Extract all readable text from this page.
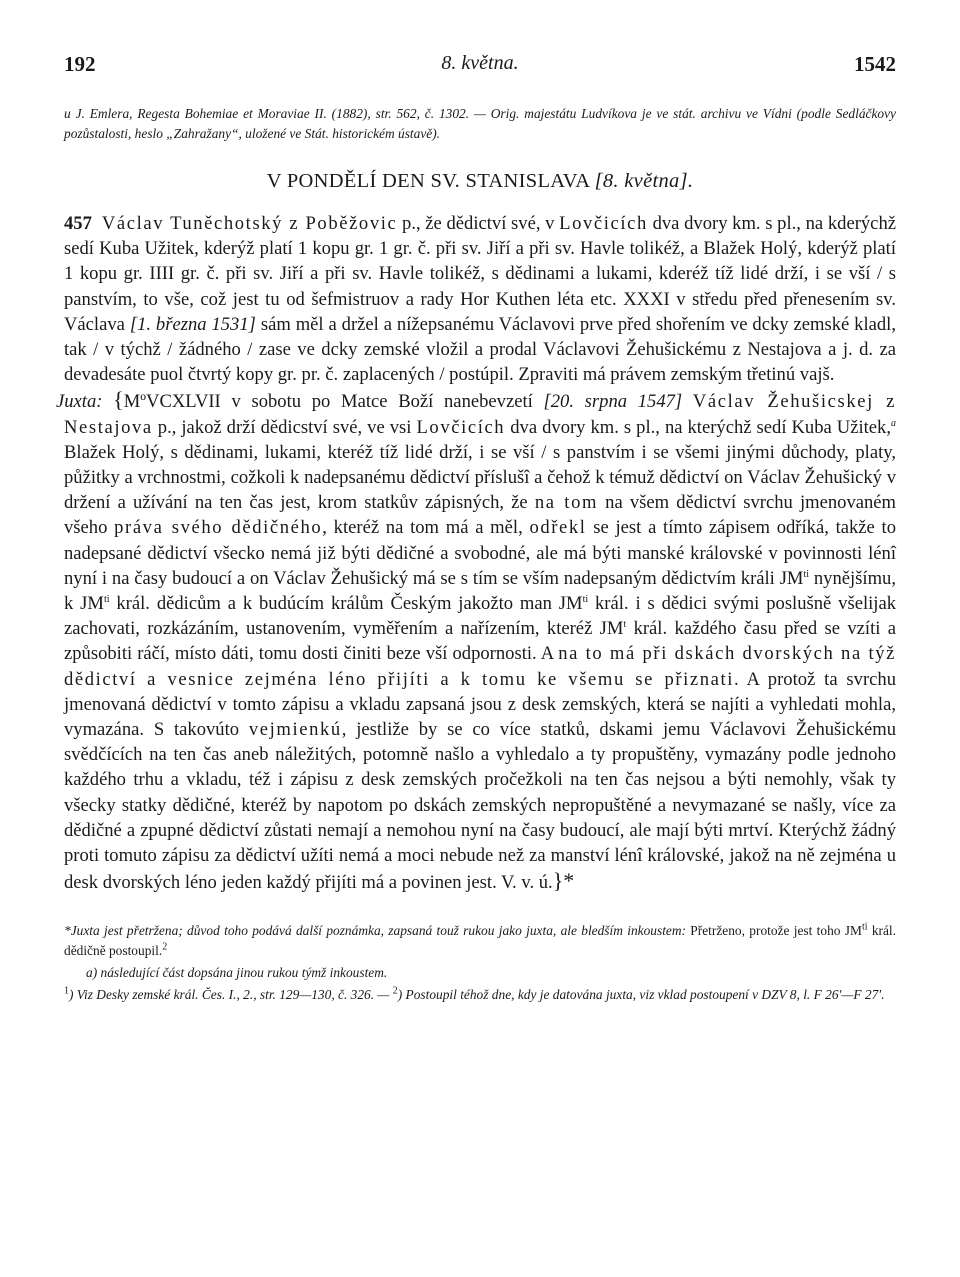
192	8. května.	1542
u J. Emlera, Regesta Bohemiae et Moraviae II. (1882), str. 562, č. 1302. — Orig. majestátu Ludvíkova je ve stát. archivu ve Vídni (podle Sedláčkovy pozůstalosti, heslo „Zahražany“, uložené ve Stát. historickém ústavě).
V PONDĚLÍ DEN SV. STANISLAVA [8. května].

457 Václav Tuněchotský z Poběžovic p., že dědictví své, v Lovčicích dva dvory km. s pl., na kderýchž sedí Kuba Užitek, kderýž platí 1 kopu gr. 1 gr. č. při sv. Jiří a při sv. Havle tolikéž, a Blažek Holý, kderýž platí 1 kopu gr. IIII gr. č. při sv. Jiří a při sv. Havle tolikéž, s dědinami a lukami, kderéž tíž lidé drží, i se vší / s panstvím, to vše, což jest tu od šefmistruov a rady Hor Kuthen léta etc. XXXI v středu před přenesením sv. Václava [1. března 1531] sám měl a držel a nížepsanému Václavovi prve před shořením ve dcky zemské kladl, tak / v týchž / žádného / zase ve dcky zemské vložil a prodal Václavovi Žehušickému z Nestajova a j. d. za devadesáte puol čtvrtý kopy gr. pr. č. zaplacených / postúpil. Zpraviti má právem zemským třetinú vajš.

Juxta: {MºVCXLVII v sobotu po Matce Boží nanebevzetí [20. srpna 1547] Václav Žehušicskej z Nestajova p., jakož drží dědicství své, ve vsi Lovčicích dva dvory km. s pl., na kterýchž sedí Kuba Užitek,$^a$ Blažek Holý, s dědinami, lukami, kteréž tíž lidé drží, i se vší / s panstvím i se všemi jinými důchody, platy, půžitky a vrchnostmi, cožkoli k nadepsanému dědictví příslušî a čehož k témuž dědictví on Václav Žehušický v držení a užívání na ten čas jest, krom statkův zápisných, že na tom na všem dědictví svrchu jmenovaném všeho práva svého dědičného, kteréž na tom má a měl, odřekl se jest a tímto zápisem odříká, takže to nadepsané dědictví všecko nemá již býti dědičné a svobodné, ale má býti manské královské v povinnosti lénî nyní i na časy budoucí a on Václav Žehušický má se s tím se vším nadepsaným dědictvím králi $JM^{ti}$ nynějšímu, k $JM^{ti}$ král. dědicům a k budúcím králům Českým jakožto man $JM^{ti}$ král. i s dědici svými poslušně všelijak zachovati, rozkázáním, ustanovením, vyměřením a nařízením, kteréž $JM^t$ král. každého času před se vzíti a způsobiti ráčí, místo dáti, tomu dosti činiti beze vší odpornosti. A na to má při dskách dvorských na týž dědictví a vesnice zejména léno přijíti a k tomu ke všemu se přiznati. A protož ta svrchu jmenovaná dědictví v tomto zápisu a vkladu zapsaná jsou z desk zemských, která se najíti a vyhledati mohla, vymazána. S takovúto vejmienkú, jestliže by se co více statků, dskami jemu Václavovi Žehušickému svědčících na ten čas aneb náležitých, potomně našlo a vyhledalo a ty propuštěny, vymazány podle jednoho každého trhu a vkladu, též i zápisu z desk zemských pročežkoli na ten čas nejsou a býti nemohly, však ty všecky statky dědičné, kteréž by napotom po dskách zemských nepropuštěné a nevymazané se našly, více za dědičné a zpupné dědictví zůstati nemají a nemohou nyní na časy budoucí, ale mají býti mrtví. Kterýchž žádný proti tomuto zápisu za dědictví užíti nemá a moci nebude než za manství lénî královské, jakož na ně zejména u desk dvorských léno jeden každý přijíti má a povinen jest. V. v. ú.}*

*Juxta jest přetržena; důvod toho podává další poznámka, zapsaná touž rukou jako juxta, ale bledším inkoustem: Přetrženo, protože jest toho $JM^{ti}$ král. dědičně postoupil.$^2$
a) následující část dopsána jinou rukou týmž inkoustem.
$^1$) Viz Desky zemské král. Čes. I., 2., str. 129—130, č. 326. — $^2$) Postoupil téhož dne, kdy je datována juxta, viz vklad postoupení v DZV 8, l. F 26′—F 27′.
